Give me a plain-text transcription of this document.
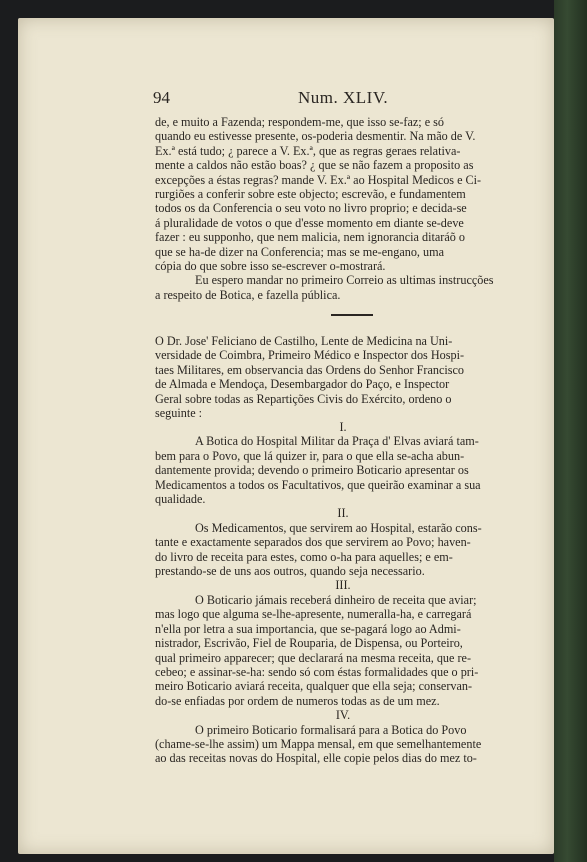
94	Num. XLIV.
de, e muito a Fazenda; respondem-me, que isso se-faz; e só
quando eu estivesse presente, os-poderia desmentir. Na mão de V.
Ex.ª está tudo; ¿ parece a V. Ex.ª, que as regras geraes relativa-
mente a caldos não estão boas? ¿ que se não fazem a proposito as
excepções a éstas regras? mande V. Ex.ª ao Hospital Medicos e Ci-
rurgiões a conferir sobre este objecto; escrevão, e fundamentem
todos os da Conferencia o seu voto no livro proprio; e decida-se
á pluralidade de votos o que d'esse momento em diante se-deve
fazer : eu supponho, que nem malicia, nem ignorancia ditaráõ o
que se ha-de dizer na Conferencia; mas se me-engano, uma
cópia do que sobre isso se-escrever o-mostrará.
Eu espero mandar no primeiro Correio as ultimas instrucções
a respeito de Botica, e fazella pública.
O Dr. Jose' Feliciano de Castilho, Lente de Medicina na Uni-
versidade de Coimbra, Primeiro Médico e Inspector dos Hospi-
taes Militares, em observancia das Ordens do Senhor Francisco
de Almada e Mendoça, Desembargador do Paço, e Inspector
Geral sobre todas as Repartições Civis do Exército, ordeno o
seguinte :
I.
A Botica do Hospital Militar da Praça d' Elvas aviará tam-
bem para o Povo, que lá quizer ir, para o que ella se-acha abun-
dantemente provida; devendo o primeiro Boticario apresentar os
Medicamentos a todos os Facultativos, que queirão examinar a sua
qualidade.
II.
Os Medicamentos, que servirem ao Hospital, estarão cons-
tante e exactamente separados dos que servirem ao Povo; haven-
do livro de receita para estes, como o-ha para aquelles; e em-
prestando-se de uns aos outros, quando seja necessario.
III.
O Boticario jámais receberá dinheiro de receita que aviar;
mas logo que alguma se-lhe-apresente, numeralla-ha, e carregará
n'ella por letra a sua importancia, que se-pagará logo ao Admi-
nistrador, Escrivão, Fiel de Rouparia, de Dispensa, ou Porteiro,
qual primeiro apparecer; que declarará na mesma receita, que re-
cebeo; e assinar-se-ha: sendo só com éstas formalidades que o pri-
meiro Boticario aviará receita, qualquer que ella seja; conservan-
do-se enfiadas por ordem de numeros todas as de um mez.
IV.
O primeiro Boticario formalisará para a Botica do Povo
(chame-se-lhe assim) um Mappa mensal, em que semelhantemente
ao das receitas novas do Hospital, elle copie pelos dias do mez to-
